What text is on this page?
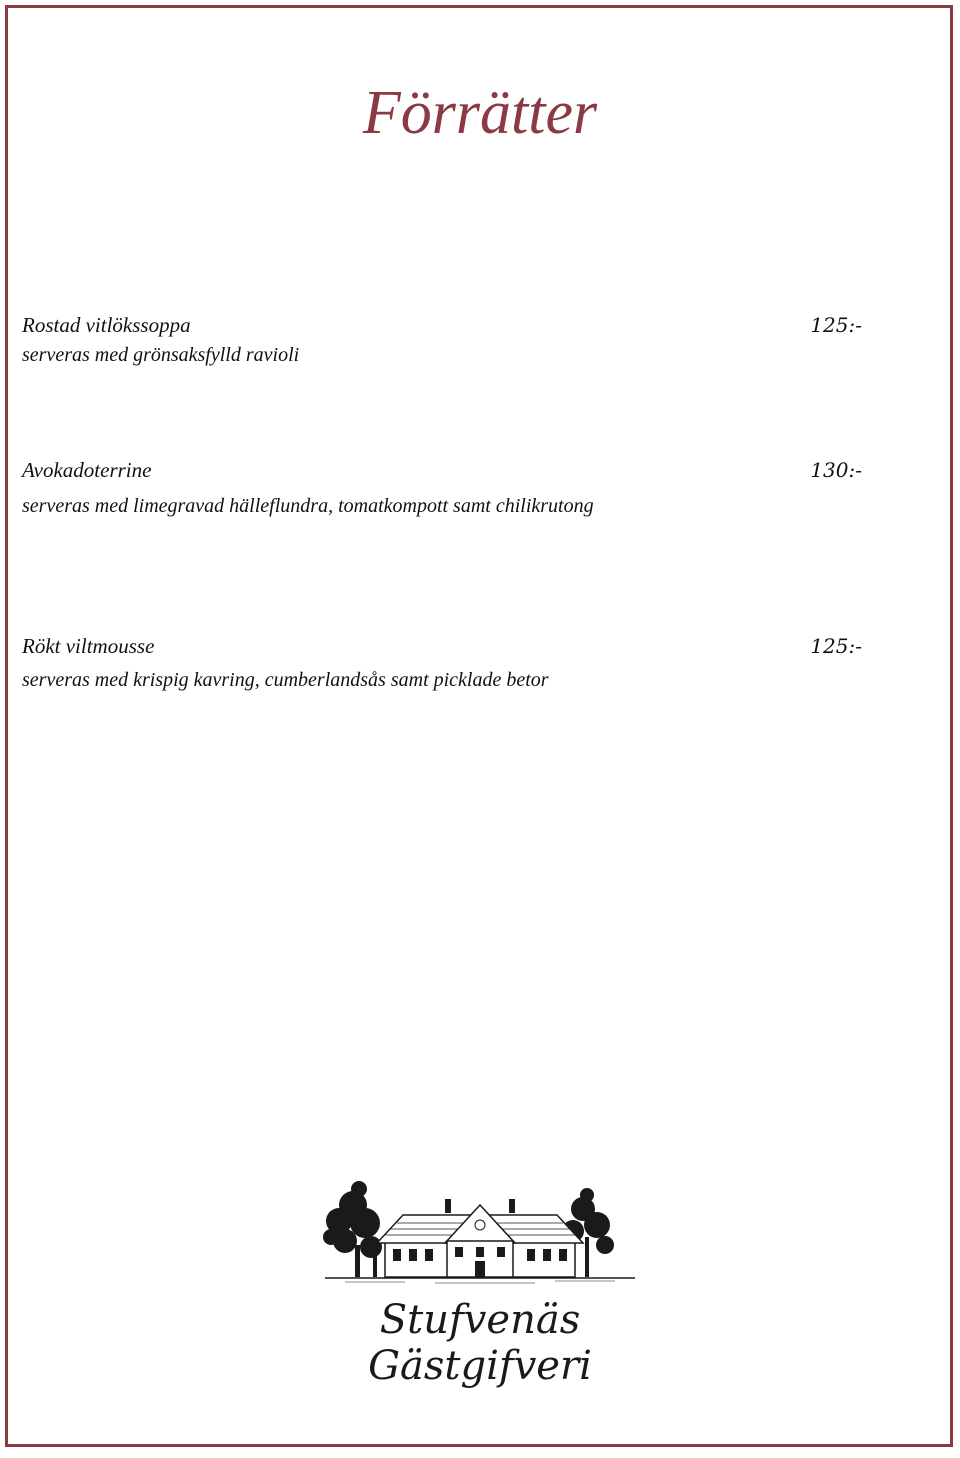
Förrätter
Rostad vitlökssoppa	125:-
serveras med grönsaksfylld ravioli
Avokadoterrine	130:-
serveras med limegravad hälleflundra, tomatkompott samt chilikrutong
Rökt viltmousse	125:-
serveras med krispig kavring, cumberlandsås samt picklade betor
Stufvenäs Gästgifveri
